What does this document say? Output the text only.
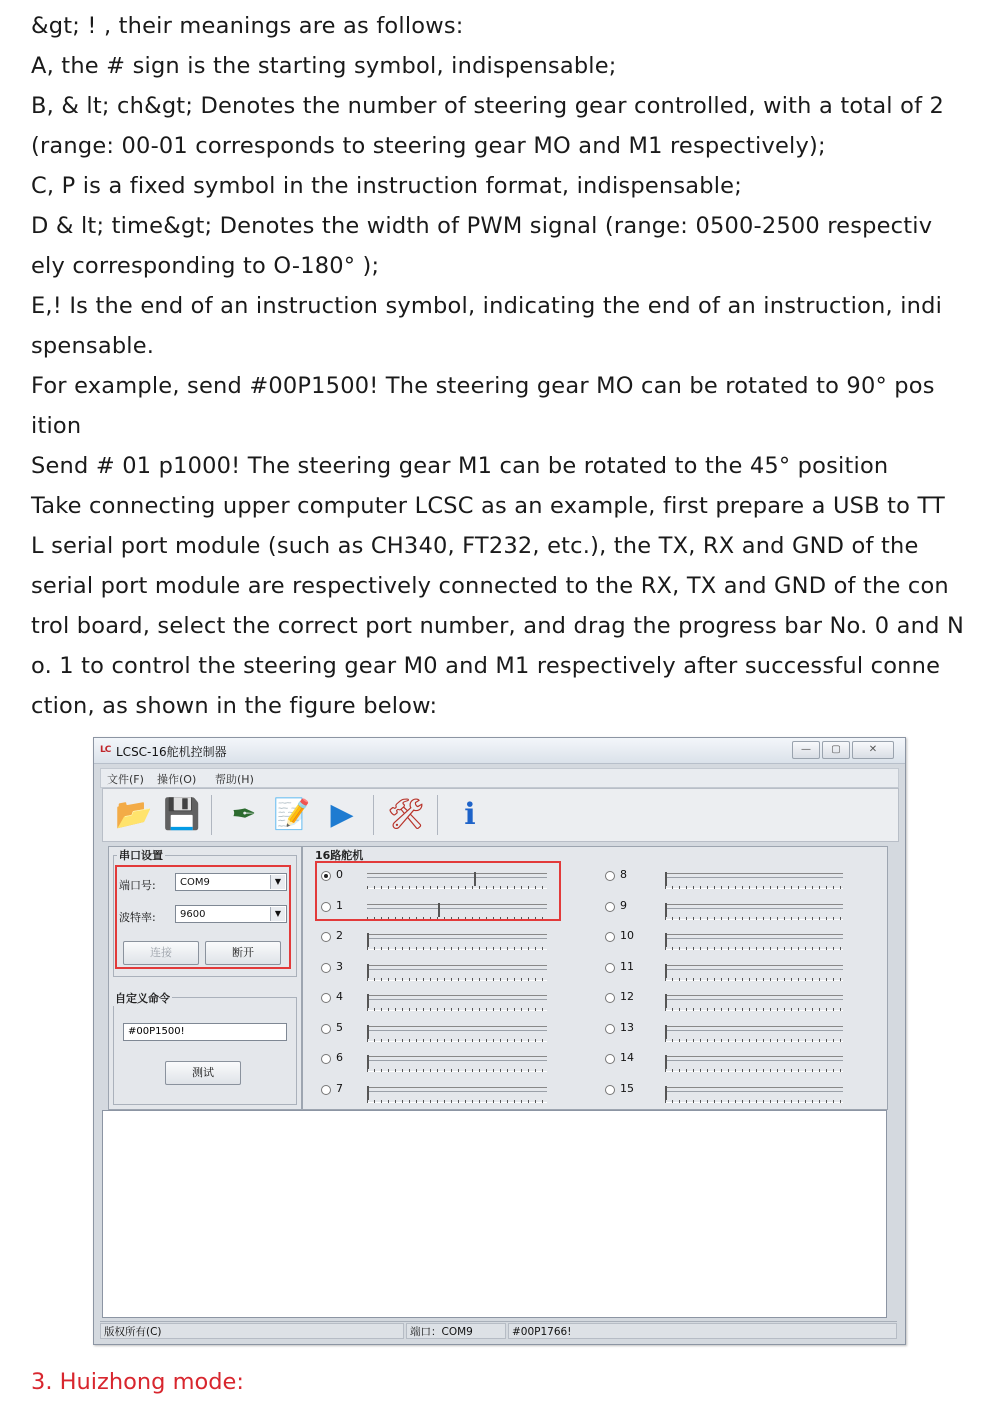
&gt; ! , their meanings are as follows:
A, the # sign is the starting symbol, indispensable;
B, & lt; ch&gt; Denotes the number of steering gear controlled, with a total of 2
(range: 00-01 corresponds to steering gear MO and M1 respectively);
C, P is a fixed symbol in the instruction format, indispensable;
D & lt; time&gt; Denotes the width of PWM signal (range: 0500-2500 respectiv
ely corresponding to O-180° );
E,! Is the end of an instruction symbol, indicating the end of an instruction, indi
spensable.
For example, send #00P1500! The steering gear MO can be rotated to 90° pos
ition
Send # 01 p1000! The steering gear M1 can be rotated to the 45° position
Take connecting upper computer LCSC as an example, first prepare a USB to TT
L serial port module (such as CH340, FT232, etc.), the TX, RX and GND of the
serial port module are respectively connected to the RX, TX and GND of the con
trol board, select the correct port number, and drag the progress bar No. 0 and N
o. 1 to control the steering gear M0 and M1 respectively after successful conne
ction, as shown in the figure below:
LC LCSC-16舵机控制器	—	▢	✕
文件(F) 操作(O) 帮助(H)
📂 💾 ✒ 📝 ▶	🛠	ℹ
串口设置
端口号:	COM9	▼
波特率:	9600	▼
连接	断开
自定义命令
#00P1500!
测试
16路舵机
0
1
2
3
4
5
6
7
8
9
10
11
12
13
14
15
版权所有(C)	端口：COM9	#00P1766!
3. Huizhong mode:
